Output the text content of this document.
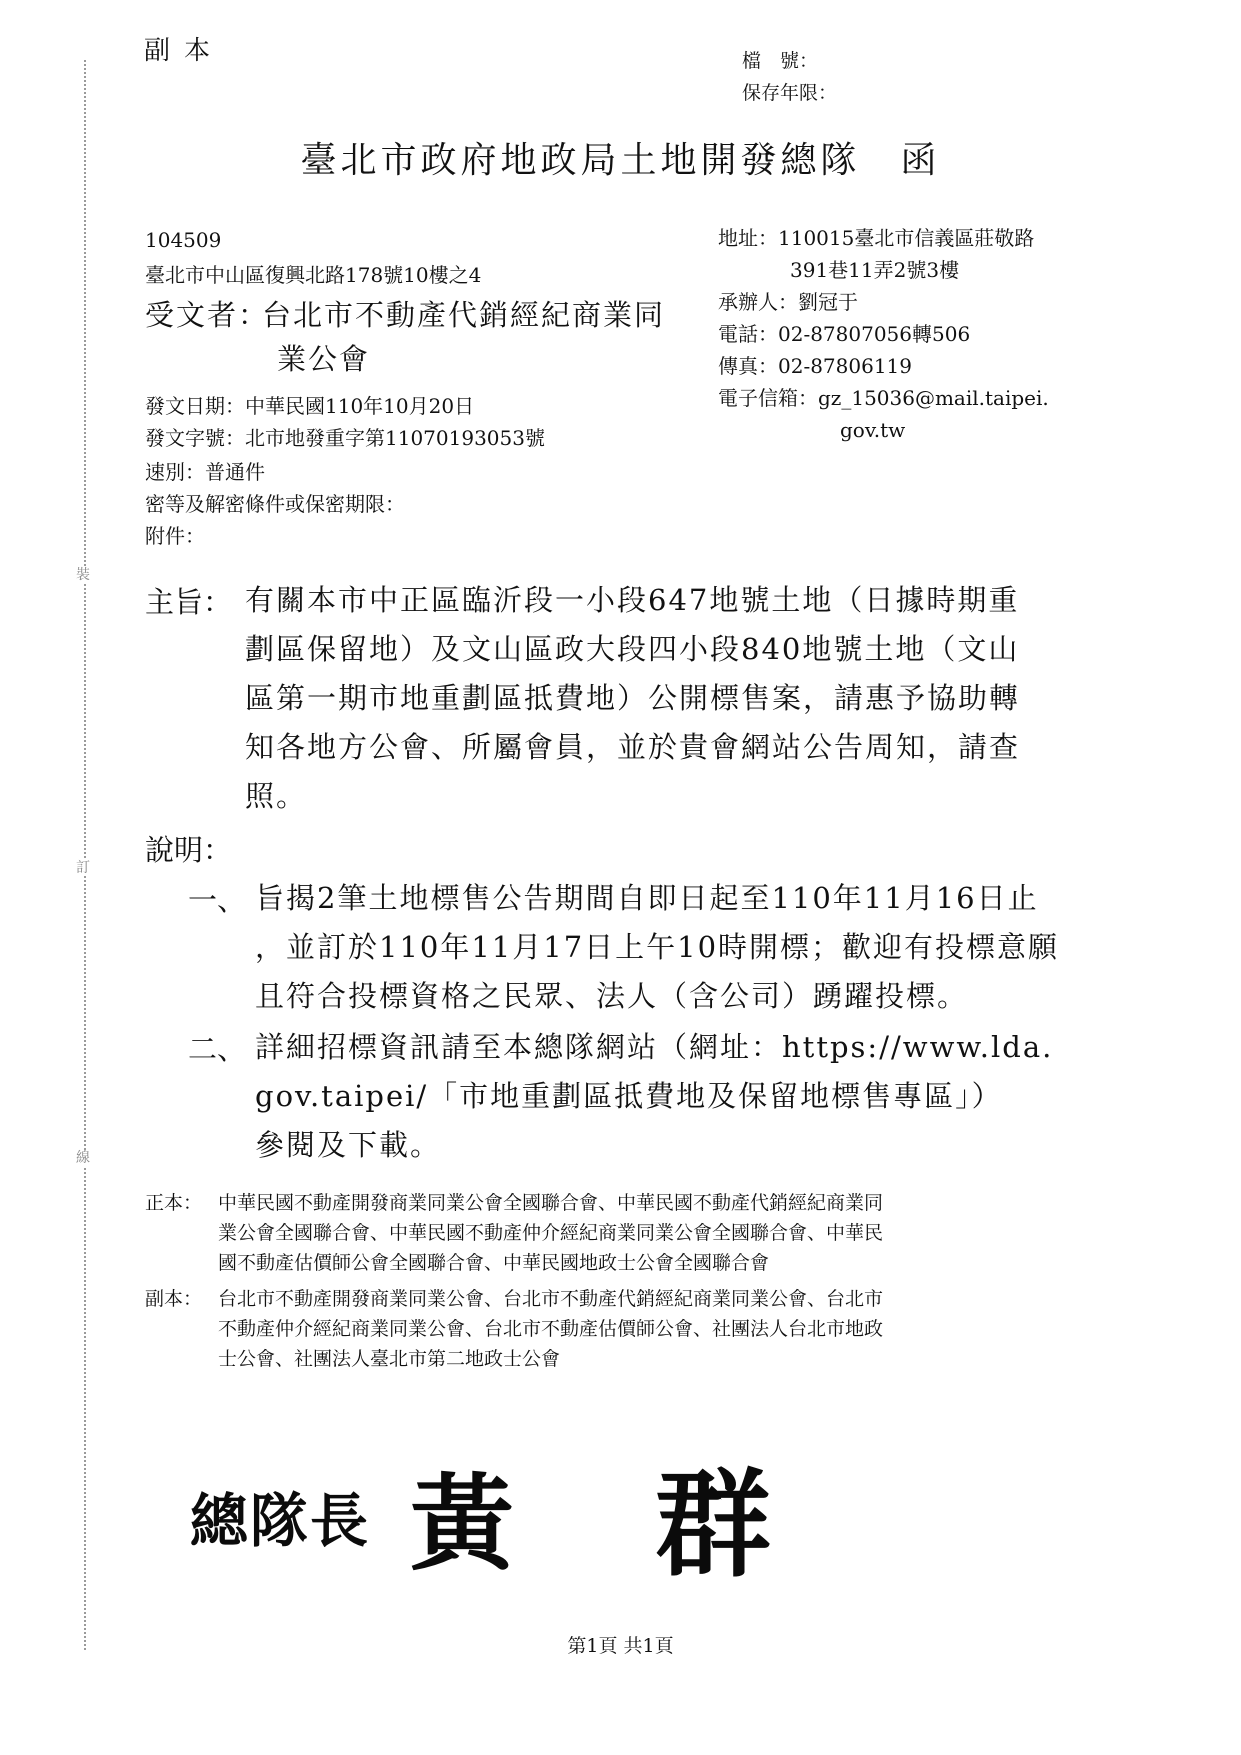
裝
訂
線
副本	檔　號：
保存年限：
臺北市政府地政局土地開發總隊　函
104509
臺北市中山區復興北路178號10樓之4
受文者：台北市不動產代銷經紀商業同
業公會
地址：110015臺北市信義區莊敬路
391巷11弄2號3樓
承辦人：劉冠于
電話：02-87807056轉506
傳真：02-87806119
電子信箱：gz_15036@mail.taipei.
gov.tw
發文日期：中華民國110年10月20日
發文字號：北市地發重字第11070193053號
速別：普通件
密等及解密條件或保密期限：
附件：
主旨： 有關本市中正區臨沂段一小段647地號土地（日據時期重
劃區保留地）及文山區政大段四小段840地號土地（文山
區第一期市地重劃區抵費地）公開標售案，請惠予協助轉
知各地方公會、所屬會員，並於貴會網站公告周知，請查
照。
說明：
一、 旨揭2筆土地標售公告期間自即日起至110年11月16日止
，並訂於110年11月17日上午10時開標；歡迎有投標意願
且符合投標資格之民眾、法人（含公司）踴躍投標。
二、 詳細招標資訊請至本總隊網站（網址：https://www.lda.
gov.taipei/「市地重劃區抵費地及保留地標售專區」）
參閱及下載。
正本： 中華民國不動產開發商業同業公會全國聯合會、中華民國不動產代銷經紀商業同
業公會全國聯合會、中華民國不動產仲介經紀商業同業公會全國聯合會、中華民
國不動產估價師公會全國聯合會、中華民國地政士公會全國聯合會
副本： 台北市不動產開發商業同業公會、台北市不動產代銷經紀商業同業公會、台北市
不動產仲介經紀商業同業公會、台北市不動產估價師公會、社團法人台北市地政
士公會、社團法人臺北市第二地政士公會
總隊長 黃 群
第1頁 共1頁
